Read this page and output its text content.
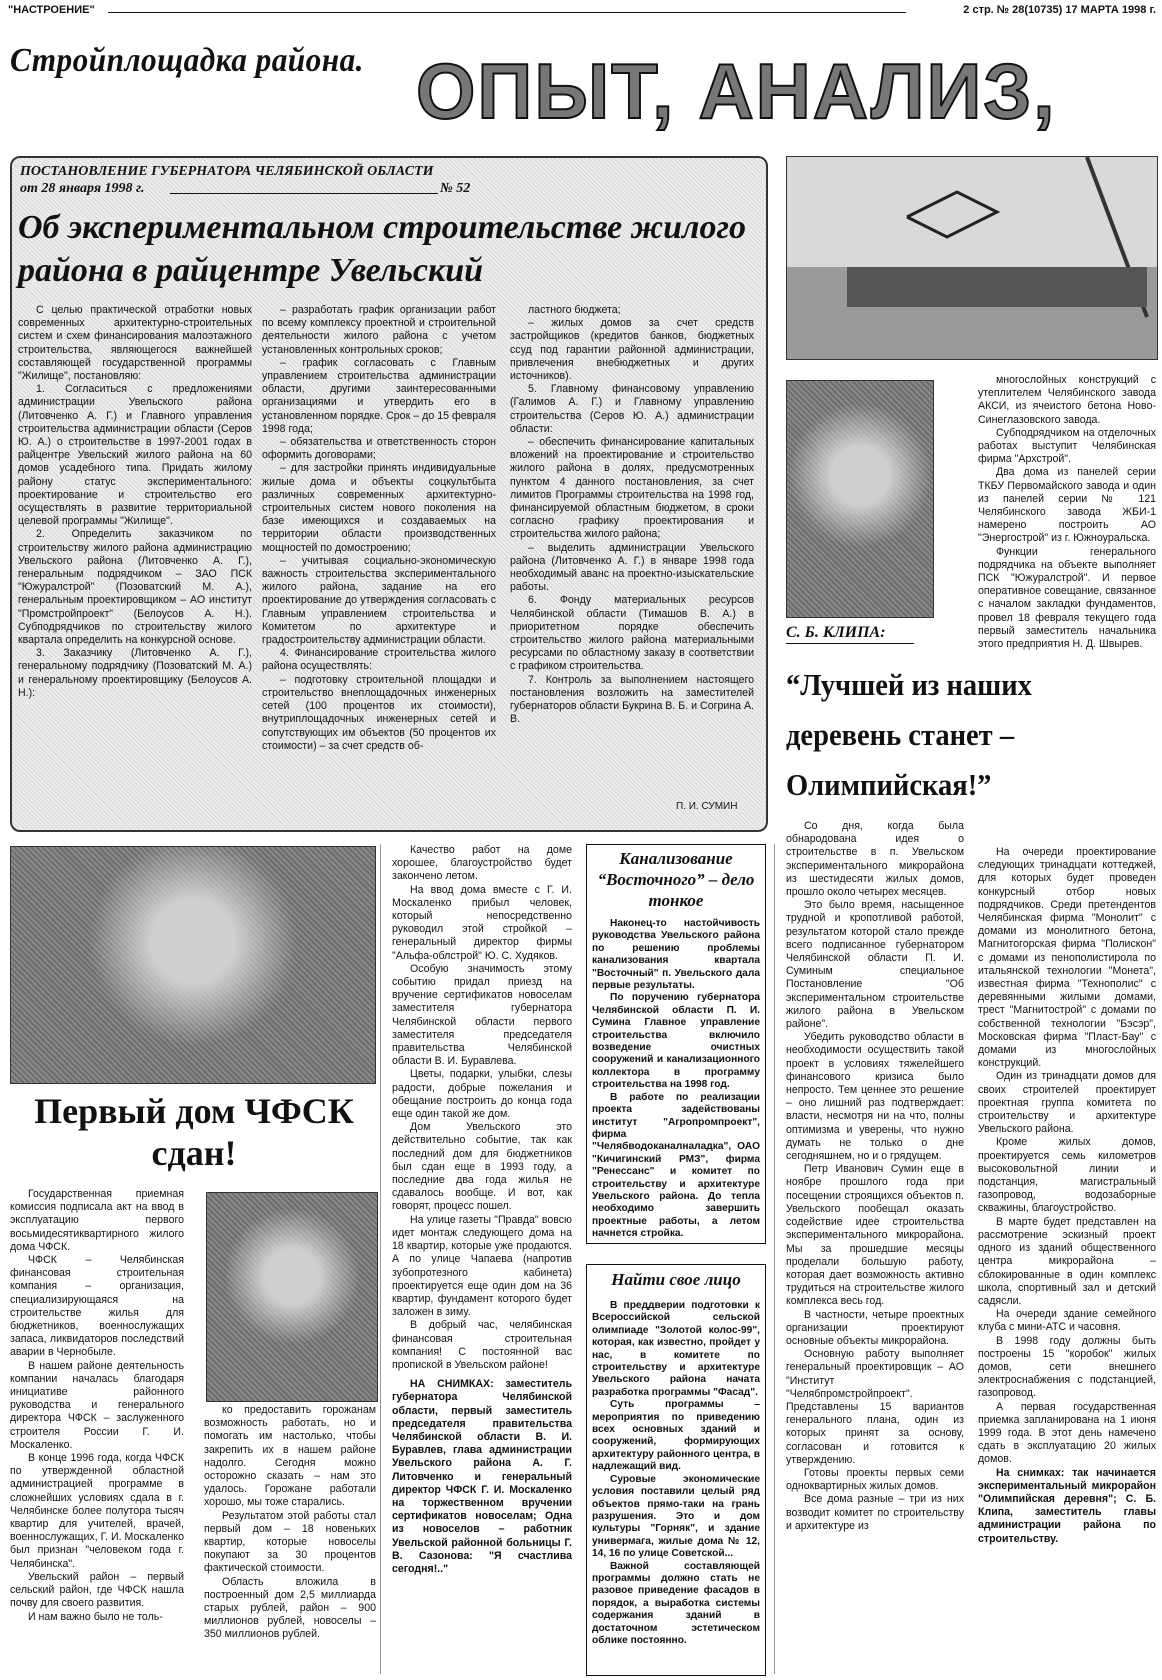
"НАСТРОЕНИЕ"	2 стр. № 28(10735) 17 МАРТА 1998 г.
Стройплощадка района. ОПЫТ, АНАЛИЗ,
ПОСТАНОВЛЕНИЕ ГУБЕРНАТОРА ЧЕЛЯБИНСКОЙ ОБЛАСТИ
от 28 января 1998 г.	№ 52
Об экспериментальном строительстве жилого района в райцентре Увельский

С целью практической отработки новых современных архитектурно-строительных систем и схем финансирования малоэтажного строительства, являющегося важнейшей составляющей государственной программы "Жилище", постановляю:

1. Согласиться с предложениями администрации Увельского района (Литовченко А. Г.) и Главного управления строительства администрации области (Серов Ю. А.) о строительстве в 1997-2001 годах в райцентре Увельский жилого района на 60 домов усадебного типа. Придать жилому району статус экспериментального: проектирование и строительство его осуществлять в развитие территориальной целевой программы "Жилище".

2. Определить заказчиком по строительству жилого района администрацию Увельского района (Литовченко А. Г.), генеральным подрядчиком – ЗАО ПСК "Южуралстрой" (Позоватский М. А.), генеральным проектировщиком – АО институт "Промстройпроект" (Белоусов А. Н.). Субподрядчиков по строительству жилого квартала определить на конкурсной основе.

3. Заказчику (Литовченко А. Г.), генеральному подрядчику (Позоватский М. А.) и генеральному проектировщику (Белоусов А. Н.):

– разработать график организации работ по всему комплексу проектной и строительной деятельности жилого района с учетом установленных контрольных сроков;

– график согласовать с Главным управлением строительства администрации области, другими заинтересованными организациями и утвердить его в установленном порядке. Срок – до 15 февраля 1998 года;

– обязательства и ответственность сторон оформить договорами;

– для застройки принять индивидуальные жилые дома и объекты соцкультбыта различных современных архитектурно-строительных систем нового поколения на базе имеющихся и создаваемых на территории области производственных мощностей по домостроению;

– учитывая социально-экономическую важность строительства экспериментального жилого района, задание на его проектирование до утверждения согласовать с Главным управлением строительства и Комитетом по архитектуре и градостроительству администрации области.

4. Финансирование строительства жилого района осуществлять:

– подготовку строительной площадки и строительство внеплощадочных инженерных сетей (100 процентов их стоимости), внутриплощадочных инженерных сетей и сопутствующих им объектов (50 процентов их стоимости) – за счет средств об-

ластного бюджета;

– жилых домов за счет средств застройщиков (кредитов банков, бюджетных ссуд под гарантии районной администрации, привлечения внебюджетных и других источников).

5. Главному финансовому управлению (Галимов А. Г.) и Главному управлению строительства (Серов Ю. А.) администрации области:

– обеспечить финансирование капитальных вложений на проектирование и строительство жилого района в долях, предусмотренных пунктом 4 данного постановления, за счет лимитов Программы строительства на 1998 год, финансируемой областным бюджетом, в сроки согласно графику проектирования и строительства жилого района;

– выделить администрации Увельского района (Литовченко А. Г.) в январе 1998 года необходимый аванс на проектно-изыскательские работы.

6. Фонду материальных ресурсов Челябинской области (Тимашов В. А.) в приоритетном порядке обеспечить строительство жилого района материальными ресурсами по областному заказу в соответствии с графиком строительства.

7. Контроль за выполнением настоящего постановления возложить на заместителей губернаторов области Букрина В. Б. и Согрина А. В.

П. И. СУМИН
С. Б. КЛИПА:
“Лучшей из наших деревень станет – Олимпийская!”

многослойных конструкций с утеплителем Челябинского завода АКСИ, из ячеистого бетона Ново-Синеглазовского завода.

Субподрядчиком на отделочных работах выступит Челябинская фирма "Архстрой".

Два дома из панелей серии ТКБУ Первомайского завода и один из панелей серии № 121 Челябинского завода ЖБИ-1 намерено построить АО "Энергострой" из г. Южноуральска.

Функции генерального подрядчика на объекте выполняет ПСК "Южуралстрой". И первое оперативное совещание, связанное с началом закладки фундаментов, провел 18 февраля текущего года первый заместитель начальника этого предприятия Н. Д. Швырев.

Со дня, когда была обнародована идея о строительстве в п. Увельском экспериментального микрорайона из шестидесяти жилых домов, прошло около четырех месяцев.

Это было время, насыщенное трудной и кропотливой работой, результатом которой стало прежде всего подписанное губернатором Челябинской области П. И. Суминым специальное Постановление "Об экспериментальном строительстве жилого района в Увельском районе".

Убедить руководство области в необходимости осуществить такой проект в условиях тяжелейшего финансового кризиса было непросто. Тем ценнее это решение – оно лишний раз подтверждает: власти, несмотря ни на что, полны оптимизма и уверены, что нужно думать не только о дне сегодняшнем, но и о грядущем.

Петр Иванович Сумин еще в ноябре прошлого года при посещении строящихся объектов п. Увельского пообещал оказать содействие идее строительства экспериментального микрорайона. Мы за прошедшие месяцы проделали большую работу, которая дает возможность активно трудиться на строительстве жилого комплекса весь год.

В частности, четыре проектных организации проектируют основные объекты микрорайона.

Основную работу выполняет генеральный проектировщик – АО "Институт "Челябпромстройпроект". Представлены 15 вариантов генерального плана, один из которых принят за основу, согласован и готовится к утверждению.

Готовы проекты первых семи одноквартирных жилых домов.

Все дома разные – три из них возводит комитет по строительству и архитектуре из

На очереди проектирование следующих тринадцати коттеджей, для которых будет проведен конкурсный отбор новых подрядчиков. Среди претендентов Челябинская фирма "Монолит" с домами из монолитного бетона, Магнитогорская фирма "Полискон" с домами из пенополистирола по итальянской технологии "Монета", известная фирма "Технополис" с деревянными жилыми домами, трест "Магнитострой" с домами по собственной технологии "Бэсэр", Московская фирма "Пласт-Бау" с домами из многослойных конструкций.

Один из тринадцати домов для своих строителей проектирует проектная группа комитета по строительству и архитектуре Увельского района.

Кроме жилых домов, проектируется семь километров высоковольтной линии и подстанция, магистральный газопровод, водозаборные скважины, благоустройство.

В марте будет представлен на рассмотрение эскизный проект одного из зданий общественного центра микрорайона – сблокированные в один комплекс школа, спортивный зал и детский садясли.

На очереди здание семейного клуба с мини-АТС и часовня.

В 1998 году должны быть построены 15 "коробок" жилых домов, сети внешнего электроснабжения с подстанцией, газопровод.

А первая государственная приемка запланирована на 1 июня 1999 года. В этот день намечено сдать в эксплуатацию 20 жилых домов.

На снимках: так начинается экспериментальный микрорайон "Олимпийская деревня"; С. Б. Клипа, заместитель главы администрации района по строительству.

Первый дом ЧФСК
сдан!

Государственная приемная комиссия подписала акт на ввод в эксплуатацию первого восьмидесятиквартирного жилого дома ЧФСК.

ЧФСК – Челябинская финансовая строительная компания – организация, специализирующаяся на строительстве жилья для бюджетников, военнослужащих запаса, ликвидаторов последствий аварии в Чернобыле.

В нашем районе деятельность компании началась благодаря инициативе районного руководства и генерального директора ЧФСК – заслуженного строителя России Г. И. Москаленко.

В конце 1996 года, когда ЧФСК по утвержденной областной администрацией программе в сложнейших условиях сдала в г. Челябинске более полутора тысяч квартир для учителей, врачей, военнослужащих, Г. И. Москаленко был признан "человеком года г. Челябинска".

Увельский район – первый сельский район, где ЧФСК нашла почву для своего развития.

И нам важно было не толь-

ко предоставить горожанам возможность работать, но и помогать им настолько, чтобы закрепить их в нашем районе надолго. Сегодня можно осторожно сказать – нам это удалось. Горожане работали хорошо, мы тоже старались.

Результатом этой работы стал первый дом – 18 новеньких квартир, которые новоселы покупают за 30 процентов фактической стоимости.

Область вложила в построенный дом 2,5 миллиарда старых рублей, район – 900 миллионов рублей, новоселы – 350 миллионов рублей.

Качество работ на доме хорошее, благоустройство будет закончено летом.

На ввод дома вместе с Г. И. Москаленко прибыл человек, который непосредственно руководил этой стройкой – генеральный директор фирмы "Альфа-облстрой" Ю. С. Худяков.

Особую значимость этому событию придал приезд на вручение сертификатов новоселам заместителя губернатора Челябинской области первого заместителя председателя правительства Челябинской области В. И. Буравлева.

Цветы, подарки, улыбки, слезы радости, добрые пожелания и обещание построить до конца года еще один такой же дом.

Дом Увельского это действительно событие, так как последний дом для бюджетников был сдан еще в 1993 году, а последние два года жилья не сдавалось вообще. И вот, как говорят, процесс пошел.

На улице газеты "Правда" вовсю идет монтаж следующего дома на 18 квартир, которые уже продаются. А по улице Чапаева (напротив зубопротезного кабинета) проектируется еще один дом на 36 квартир, фундамент которого будет заложен в зиму.

В добрый час, челябинская финансовая строительная компания! С постоянной вас пропиской в Увельском районе!

НА СНИМКАХ: заместитель губернатора Челябинской области, первый заместитель председателя правительства Челябинской области В. И. Буравлев, глава администрации Увельского района А. Г. Литовченко и генеральный директор ЧФСК Г. И. Москаленко на торжественном вручении сертификатов новоселам; Одна из новоселов – работник Увельской районной больницы Г. В. Сазонова: "Я счастлива сегодня!.."

Канализование “Восточного” – дело тонкое

Наконец-то настойчивость руководства Увельского района по решению проблемы канализования квартала "Восточный" п. Увельского дала первые результаты.

По поручению губернатора Челябинской области П. И. Сумина Главное управление строительства включило возведение очистных сооружений и канализационного коллектора в программу строительства на 1998 год.

В работе по реализации проекта задействованы институт "Агропромпроект", фирма "Челябводоканалналадка", ОАО "Кичигинский РМЗ", фирма "Ренессанс" и комитет по строительству и архитектуре Увельского района. До тепла необходимо завершить проектные работы, а летом начнется стройка.

Найти свое лицо

В преддверии подготовки к Всероссийской сельской олимпиаде "Золотой колос-99", которая, как известно, пройдет у нас, в комитете по строительству и архитектуре Увельского района начата разработка программы "Фасад".

Суть программы – мероприятия по приведению всех основных зданий и сооружений, формирующих архитектуру районного центра, в надлежащий вид.

Суровые экономические условия поставили целый ряд объектов прямо-таки на грань разрушения. Это и дом культуры "Горняк", и здание универмага, жилые дома № 12, 14, 16 по улице Советской...

Важной составляющей программы должно стать не разовое приведение фасадов в порядок, а выработка системы содержания зданий в достаточном эстетическом облике постоянно.
